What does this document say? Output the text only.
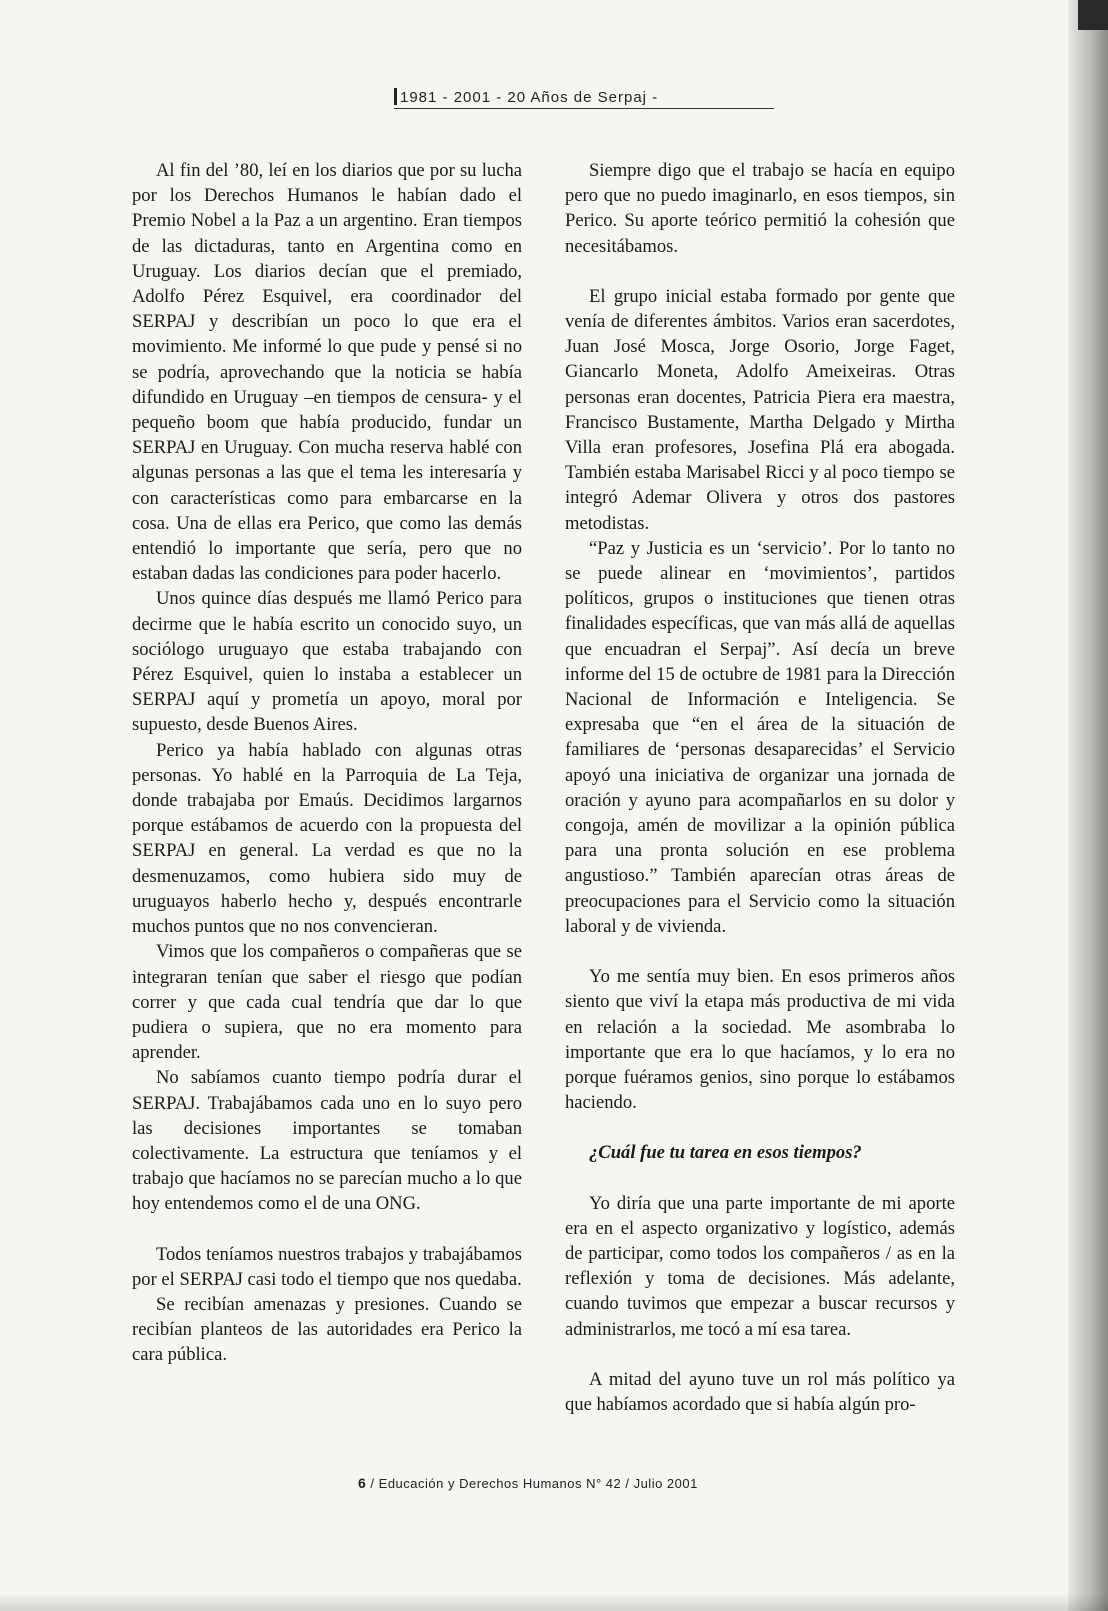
1981 - 2001 - 20 Años de Serpaj -

Al fin del ’80, leí en los diarios que por su lucha por los Derechos Humanos le habían dado el Premio Nobel a la Paz a un argentino. Eran tiempos de las dictaduras, tanto en Argentina como en Uruguay. Los diarios decían que el premiado, Adolfo Pérez Esquivel, era coordinador del SERPAJ y describían un poco lo que era el movimiento. Me informé lo que pude y pensé si no se podría, aprovechando que la noticia se había difundido en Uruguay –en tiempos de censura- y el pequeño boom que había producido, fundar un SERPAJ en Uruguay. Con mucha reserva hablé con algunas personas a las que el tema les interesaría y con características como para embarcarse en la cosa. Una de ellas era Perico, que como las demás entendió lo importante que sería, pero que no estaban dadas las condiciones para poder hacerlo.

Unos quince días después me llamó Perico para decirme que le había escrito un conocido suyo, un sociólogo uruguayo que estaba trabajando con Pérez Esquivel, quien lo instaba a establecer un SERPAJ aquí y prometía un apoyo, moral por supuesto, desde Buenos Aires.

Perico ya había hablado con algunas otras personas. Yo hablé en la Parroquia de La Teja, donde trabajaba por Emaús. Decidimos largarnos porque estábamos de acuerdo con la propuesta del SERPAJ en general. La verdad es que no la desmenuzamos, como hubiera sido muy de uruguayos haberlo hecho y, después encontrarle muchos puntos que no nos convencieran.

Vimos que los compañeros o compañeras que se integraran tenían que saber el riesgo que podían correr y que cada cual tendría que dar lo que pudiera o supiera, que no era momento para aprender.

No sabíamos cuanto tiempo podría durar el SERPAJ. Trabajábamos cada uno en lo suyo pero las decisiones importantes se tomaban colectivamente. La estructura que teníamos y el trabajo que hacíamos no se parecían mucho a lo que hoy entendemos como el de una ONG.

Todos teníamos nuestros trabajos y trabajábamos por el SERPAJ casi todo el tiempo que nos quedaba.

Se recibían amenazas y presiones. Cuando se recibían planteos de las autoridades era Perico la cara pública.

Siempre digo que el trabajo se hacía en equipo pero que no puedo imaginarlo, en esos tiempos, sin Perico. Su aporte teórico permitió la cohesión que necesitábamos.

El grupo inicial estaba formado por gente que venía de diferentes ámbitos. Varios eran sacerdotes, Juan José Mosca, Jorge Osorio, Jorge Faget, Giancarlo Moneta, Adolfo Ameixeiras. Otras personas eran docentes, Patricia Piera era maestra, Francisco Bustamente, Martha Delgado y Mirtha Villa eran profesores, Josefina Plá era abogada. También estaba Marisabel Ricci y al poco tiempo se integró Ademar Olivera y otros dos pastores metodistas.

“Paz y Justicia es un ‘servicio’. Por lo tanto no se puede alinear en ‘movimientos’, partidos políticos, grupos o instituciones que tienen otras finalidades específicas, que van más allá de aquellas que encuadran el Serpaj”. Así decía un breve informe del 15 de octubre de 1981 para la Dirección Nacional de Información e Inteligencia. Se expresaba que “en el área de la situación de familiares de ‘personas desaparecidas’ el Servicio apoyó una iniciativa de organizar una jornada de oración y ayuno para acompañarlos en su dolor y congoja, amén de movilizar a la opinión pública para una pronta solución en ese problema angustioso.” También aparecían otras áreas de preocupaciones para el Servicio como la situación laboral y de vivienda.

Yo me sentía muy bien. En esos primeros años siento que viví la etapa más productiva de mi vida en relación a la sociedad. Me asombraba lo importante que era lo que hacíamos, y lo era no porque fuéramos genios, sino porque lo estábamos haciendo.

¿Cuál fue tu tarea en esos tiempos?

Yo diría que una parte importante de mi aporte era en el aspecto organizativo y logístico, además de participar, como todos los compañeros / as en la reflexión y toma de decisiones. Más adelante, cuando tuvimos que empezar a buscar recursos y administrarlos, me tocó a mí esa tarea.

A mitad del ayuno tuve un rol más político ya que habíamos acordado que si había algún pro-

6 / Educación y Derechos Humanos N° 42 / Julio 2001
